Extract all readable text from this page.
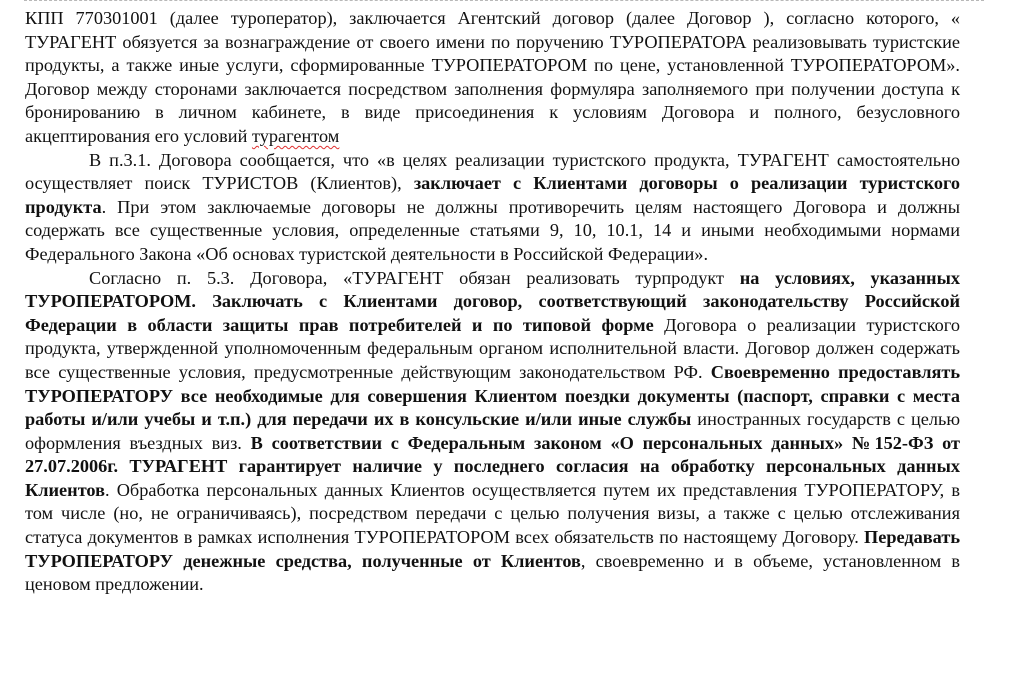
КПП 770301001 (далее туроператор), заключается Агентский договор (далее Договор ), согласно которого, « ТУРАГЕНТ обязуется за вознаграждение от своего имени по поручению ТУРОПЕРАТОРА реализовывать туристские продукты, а также иные услуги, сформированные ТУРОПЕРАТОРОМ по цене, установленной ТУРОПЕРАТОРОМ». Договор между сторонами заключается посредством заполнения формуляра заполняемого при получении доступа к бронированию в личном кабинете, в виде присоединения к условиям Договора и полного, безусловного акцептирования его условий турагентом

В п.3.1. Договора сообщается, что «в целях реализации туристского продукта, ТУРАГЕНТ самостоятельно осуществляет поиск ТУРИСТОВ (Клиентов), заключает с Клиентами договоры о реализации туристского продукта. При этом заключаемые договоры не должны противоречить целям настоящего Договора и должны содержать все существенные условия, определенные статьями 9, 10, 10.1, 14 и иными необходимыми нормами Федерального Закона «Об основах туристской деятельности в Российской Федерации».

Согласно п. 5.3. Договора, «ТУРАГЕНТ обязан реализовать турпродукт на условиях, указанных ТУРОПЕРАТОРОМ. Заключать с Клиентами договор, соответствующий законодательству Российской Федерации в области защиты прав потребителей и по типовой форме Договора о реализации туристского продукта, утвержденной уполномоченным федеральным органом исполнительной власти. Договор должен содержать все существенные условия, предусмотренные действующим законодательством РФ. Своевременно предоставлять ТУРОПЕРАТОРУ все необходимые для совершения Клиентом поездки документы (паспорт, справки с места работы и/или учебы и т.п.) для передачи их в консульские и/или иные службы иностранных государств с целью оформления въездных виз. В соответствии с Федеральным законом «О персональных данных» №152-ФЗ от 27.07.2006г. ТУРАГЕНТ гарантирует наличие у последнего согласия на обработку персональных данных Клиентов. Обработка персональных данных Клиентов осуществляется путем их представления ТУРОПЕРАТОРУ, в том числе (но, не ограничиваясь), посредством передачи с целью получения визы, а также с целью отслеживания статуса документов в рамках исполнения ТУРОПЕРАТОРОМ всех обязательств по настоящему Договору. Передавать ТУРОПЕРАТОРУ денежные средства, полученные от Клиентов, своевременно и в объеме, установленном в ценовом предложении.
